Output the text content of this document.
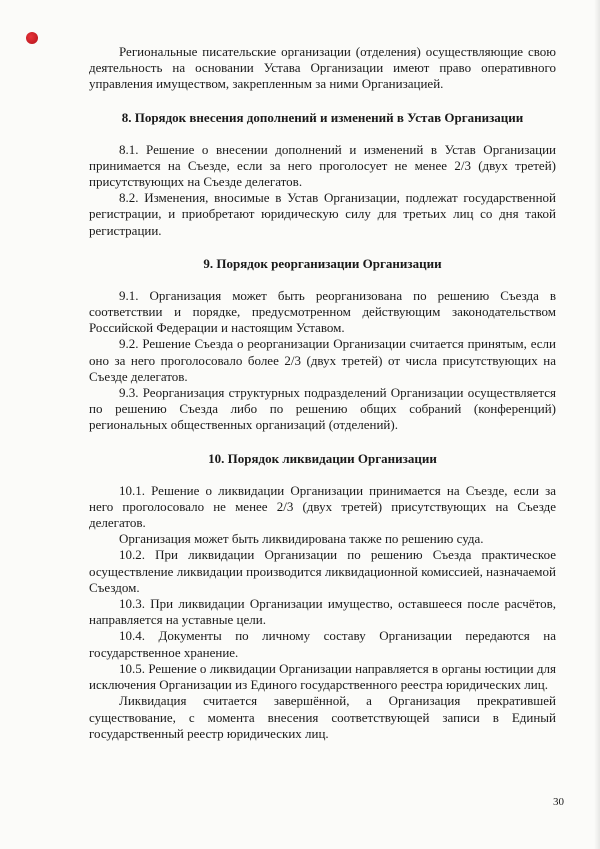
Региональные писательские организации (отделения) осуществляющие свою деятельность на основании Устава Организации имеют право оперативного управления имуществом, закрепленным за ними Организацией.

8. Порядок внесения дополнений и изменений в Устав Организации

8.1. Решение о внесении дополнений и изменений в Устав Организации принимается на Съезде, если за него проголосует не менее 2/3 (двух третей) присутствующих на Съезде делегатов.

8.2. Изменения, вносимые в Устав Организации, подлежат государственной регистрации, и приобретают юридическую силу для третьих лиц со дня такой регистрации.

9. Порядок реорганизации Организации

9.1. Организация может быть реорганизована по решению Съезда в соответствии и порядке, предусмотренном действующим законодательством Российской Федерации и настоящим Уставом.

9.2. Решение Съезда о реорганизации Организации считается принятым, если оно за него проголосовало более 2/3 (двух третей) от числа присутствующих на Съезде делегатов.

9.3. Реорганизация структурных подразделений Организации осуществляется по решению Съезда либо по решению общих собраний (конференций) региональных общественных организаций (отделений).

10. Порядок ликвидации Организации

10.1. Решение о ликвидации Организации принимается на Съезде, если за него проголосовало не менее 2/3 (двух третей) присутствующих на Съезде делегатов.

Организация может быть ликвидирована также по решению суда.

10.2. При ликвидации Организации по решению Съезда практическое осуществление ликвидации производится ликвидационной комиссией, назначаемой Съездом.

10.3. При ликвидации Организации имущество, оставшееся после расчётов, направляется на уставные цели.

10.4. Документы по личному составу Организации передаются на государственное хранение.

10.5. Решение о ликвидации Организации направляется в органы юстиции для исключения Организации из Единого государственного реестра юридических лиц.

Ликвидация считается завершённой, а Организация прекратившей существование, с момента внесения соответствующей записи в Единый государственный реестр юридических лиц.

30
